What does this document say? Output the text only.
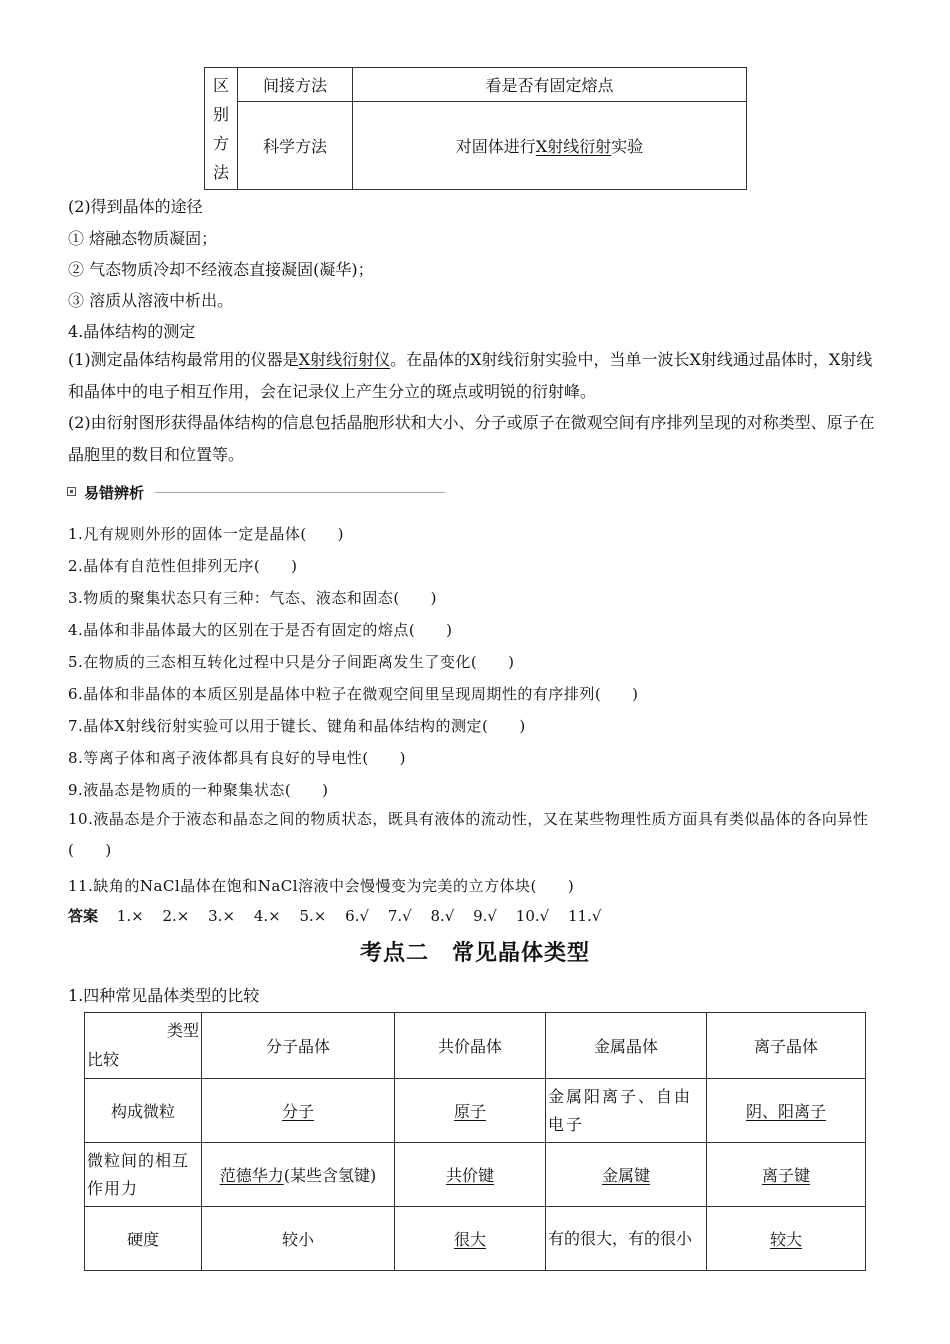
区
别
方
法	间接方法	看是否有固定熔点
	科学方法	对固体进行X射线衍射实验
(2)得到晶体的途径
① 熔融态物质凝固；
② 气态物质冷却不经液态直接凝固(凝华)；
③ 溶质从溶液中析出。
4.晶体结构的测定
(1)测定晶体结构最常用的仪器是X射线衍射仪。在晶体的X射线衍射实验中，当单一波长X射线通过晶体时，X射线和晶体中的电子相互作用，会在记录仪上产生分立的斑点或明锐的衍射峰。
(2)由衍射图形获得晶体结构的信息包括晶胞形状和大小、分子或原子在微观空间有序排列呈现的对称类型、原子在晶胞里的数目和位置等。
易错辨析
1.凡有规则外形的固体一定是晶体(　　)
2.晶体有自范性但排列无序(　　)
3.物质的聚集状态只有三种：气态、液态和固态(　　)
4.晶体和非晶体最大的区别在于是否有固定的熔点(　　)
5.在物质的三态相互转化过程中只是分子间距离发生了变化(　　)
6.晶体和非晶体的本质区别是晶体中粒子在微观空间里呈现周期性的有序排列(　　)
7.晶体X射线衍射实验可以用于键长、键角和晶体结构的测定(　　)
8.等离子体和离子液体都具有良好的导电性(　　)
9.液晶态是物质的一种聚集状态(　　)
10.液晶态是介于液态和晶态之间的物质状态，既具有液体的流动性，又在某些物理性质方面具有类似晶体的各向异性(　　)
11.缺角的NaCl晶体在饱和NaCl溶液中会慢慢变为完美的立方体块(　　)
答案 1.× 2.× 3.× 4.× 5.× 6.√ 7.√ 8.√ 9.√ 10.√ 11.√
考点二　常见晶体类型
1.四种常见晶体类型的比较
类型
比较	分子晶体	共价晶体	金属晶体	离子晶体
构成微粒	分子	原子	金属阳离子、自由电子	阴、阳离子
微粒间的相互作用力	范德华力(某些含氢键)	共价键	金属键	离子键
硬度	较小	很大	有的很大，有的很小	较大
